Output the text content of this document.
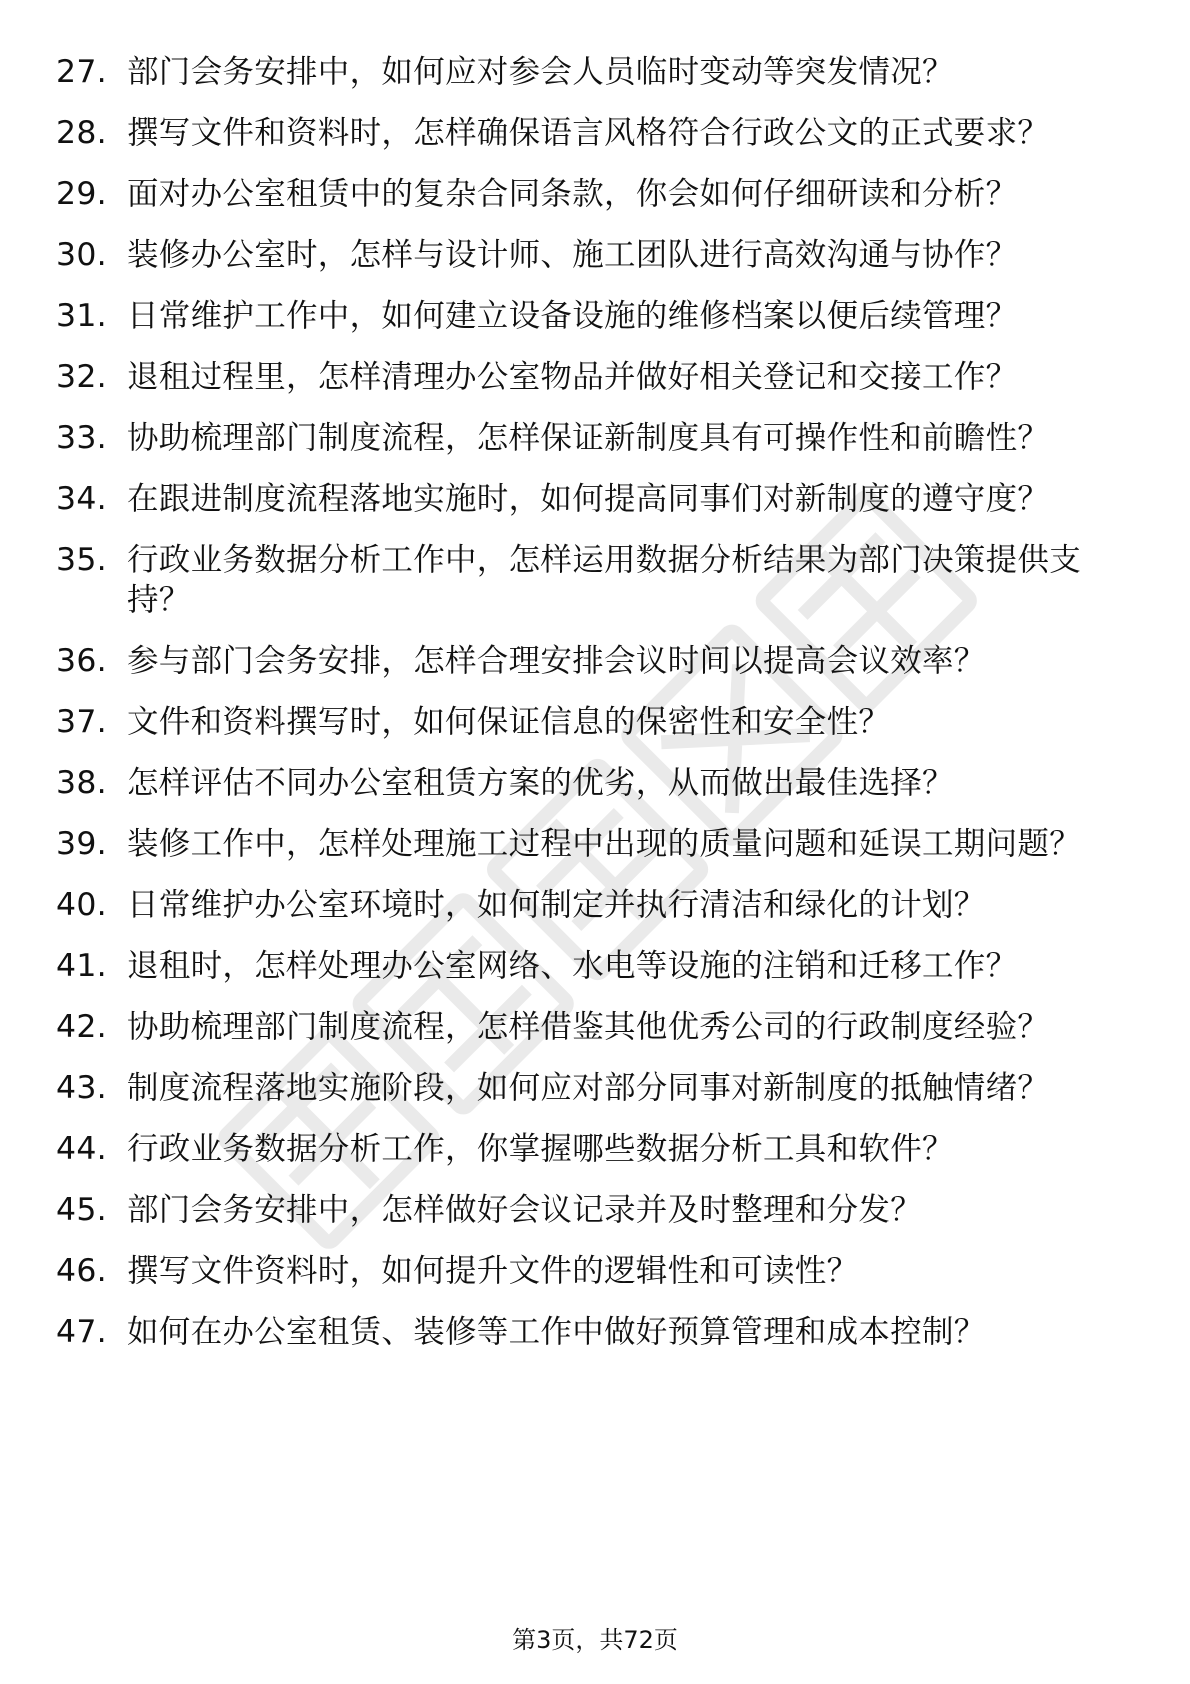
27. 部门会务安排中，如何应对参会人员临时变动等突发情况？
28. 撰写文件和资料时，怎样确保语言风格符合行政公文的正式要求？
29. 面对办公室租赁中的复杂合同条款，你会如何仔细研读和分析？
30. 装修办公室时，怎样与设计师、施工团队进行高效沟通与协作？
31. 日常维护工作中，如何建立设备设施的维修档案以便后续管理？
32. 退租过程里，怎样清理办公室物品并做好相关登记和交接工作？
33. 协助梳理部门制度流程，怎样保证新制度具有可操作性和前瞻性？
34. 在跟进制度流程落地实施时，如何提高同事们对新制度的遵守度？
35. 行政业务数据分析工作中，怎样运用数据分析结果为部门决策提供支持？
36. 参与部门会务安排，怎样合理安排会议时间以提高会议效率？
37. 文件和资料撰写时，如何保证信息的保密性和安全性？
38. 怎样评估不同办公室租赁方案的优劣，从而做出最佳选择？
39. 装修工作中，怎样处理施工过程中出现的质量问题和延误工期问题？
40. 日常维护办公室环境时，如何制定并执行清洁和绿化的计划？
41. 退租时，怎样处理办公室网络、水电等设施的注销和迁移工作？
42. 协助梳理部门制度流程，怎样借鉴其他优秀公司的行政制度经验？
43. 制度流程落地实施阶段，如何应对部分同事对新制度的抵触情绪？
44. 行政业务数据分析工作，你掌握哪些数据分析工具和软件？
45. 部门会务安排中，怎样做好会议记录并及时整理和分发？
46. 撰写文件资料时，如何提升文件的逻辑性和可读性？
47. 如何在办公室租赁、装修等工作中做好预算管理和成本控制？
第3页，共72页
